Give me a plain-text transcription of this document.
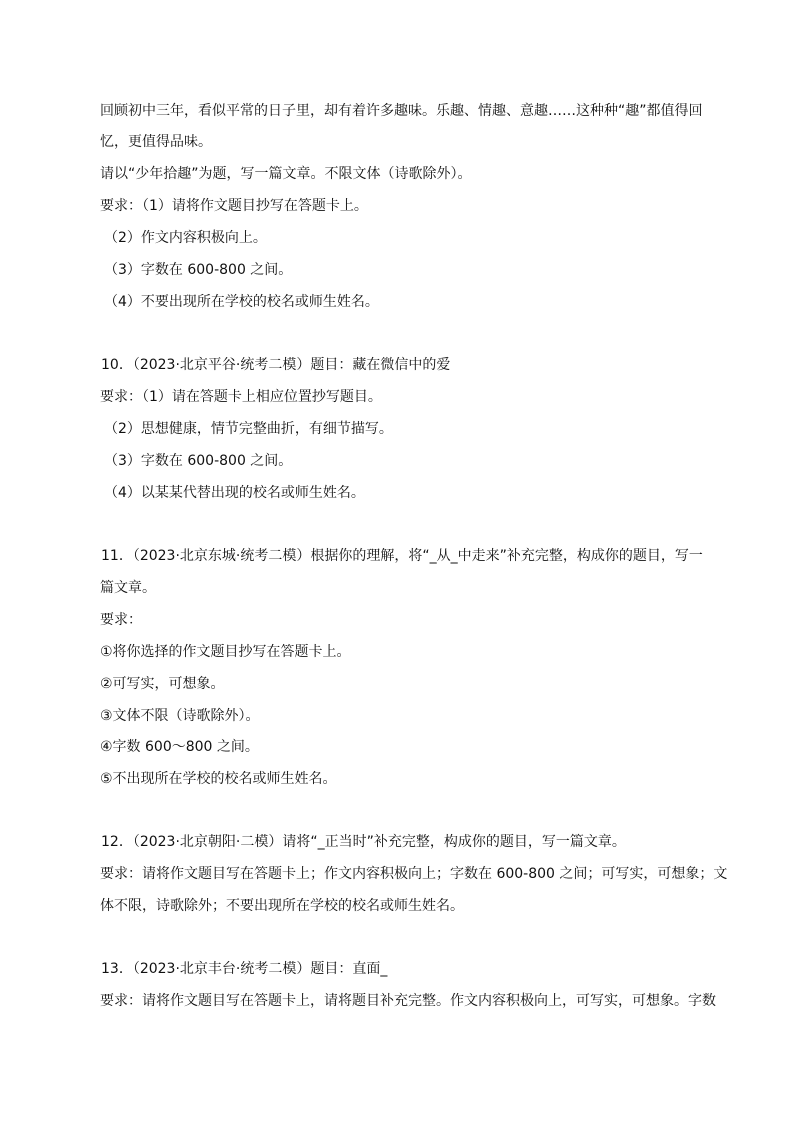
回顾初中三年，看似平常的日子里，却有着许多趣味。乐趣、情趣、意趣……这种种“趣”都值得回
忆，更值得品味。
请以“少年拾趣”为题，写一篇文章。不限文体（诗歌除外）。
要求：（1）请将作文题目抄写在答题卡上。
（2）作文内容积极向上。
（3）字数在 600-800 之间。
（4）不要出现所在学校的校名或师生姓名。
10．（2023·北京平谷·统考二模）题目：藏在微信中的爱
要求：（1）请在答题卡上相应位置抄写题目。
（2）思想健康，情节完整曲折，有细节描写。
（3）字数在 600-800 之间。
（4）以某某代替出现的校名或师生姓名。
11．（2023·北京东城·统考二模）根据你的理解，将“_从_中走来”补充完整，构成你的题目，写一
篇文章。
要求：
①将你选择的作文题目抄写在答题卡上。
②可写实，可想象。
③文体不限（诗歌除外）。
④字数 600～800 之间。
⑤不出现所在学校的校名或师生姓名。
12．（2023·北京朝阳·二模）请将“_正当时”补充完整，构成你的题目，写一篇文章。
要求：请将作文题目写在答题卡上；作文内容积极向上；字数在 600-800 之间；可写实，可想象；文
体不限，诗歌除外；不要出现所在学校的校名或师生姓名。
13．（2023·北京丰台·统考二模）题目：直面_
要求：请将作文题目写在答题卡上，请将题目补充完整。作文内容积极向上，可写实，可想象。字数
